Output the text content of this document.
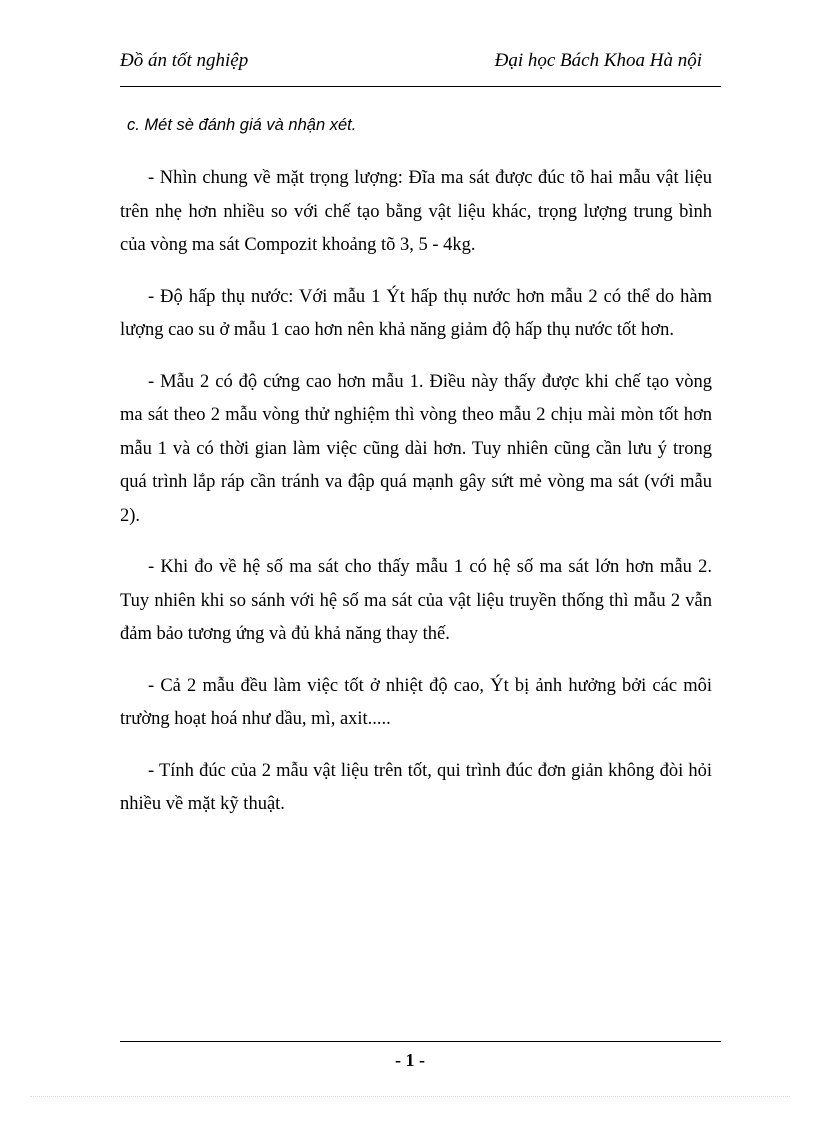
Đồ án tốt nghiệp	Đại học Bách Khoa Hà nội
c. Mét sè đánh giá và nhận xét.

- Nhìn chung về mặt trọng lượng: Đĩa ma sát được đúc tõ hai mẫu vật liệu trên nhẹ hơn nhiều so với chế tạo bằng vật liệu khác, trọng lượng trung bình của vòng ma sát Compozit khoảng tõ 3, 5 - 4kg.

- Độ hấp thụ nước: Với mẫu 1 Ýt hấp thụ nước hơn mẫu 2 có thể do hàm lượng cao su ở mẫu 1 cao hơn nên khả năng giảm độ hấp thụ nước tốt hơn.

- Mẫu 2 có độ cứng cao hơn mẫu 1. Điều này thấy được khi chế tạo vòng ma sát theo 2 mẫu vòng thử nghiệm thì vòng theo mẫu 2 chịu mài mòn tốt hơn mẫu 1 và có thời gian làm việc cũng dài hơn. Tuy nhiên cũng cần lưu ý trong quá trình lắp ráp cần tránh va đập quá mạnh gây sứt mẻ vòng ma sát (với mẫu 2).

- Khi đo về hệ số ma sát cho thấy mẫu 1 có hệ số ma sát lớn hơn mẫu 2. Tuy nhiên khi so sánh với hệ số ma sát của vật liệu truyền thống thì mẫu 2 vẫn đảm bảo tương ứng và đủ khả năng thay thế.

- Cả 2 mẫu đều làm việc tốt ở nhiệt độ cao, Ýt bị ảnh hưởng bởi các môi trường hoạt hoá như dầu, mì, axit.....

- Tính đúc của 2 mẫu vật liệu trên tốt, qui trình đúc đơn giản không đòi hỏi nhiều về mặt kỹ thuật.

- 1 -
